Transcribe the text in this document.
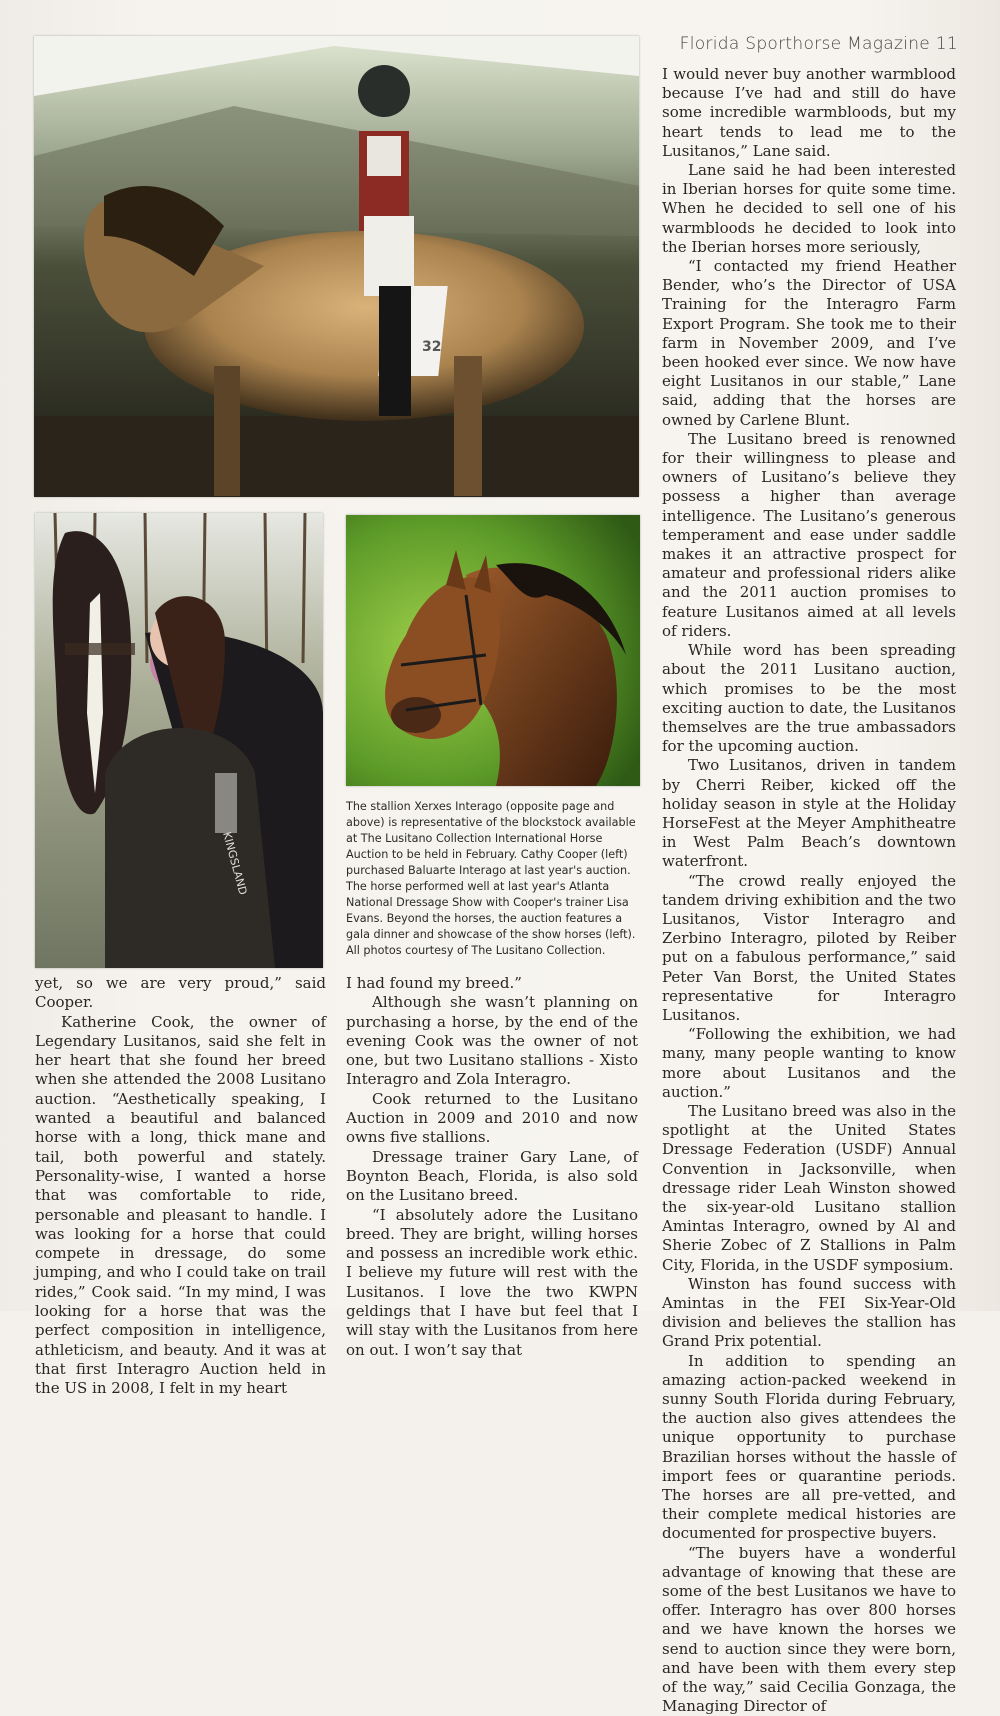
Florida Sporthorse Magazine 11
32
KINGSLAND
The stallion Xerxes Interago (opposite page and above) is representative of the blockstock available at The Lusitano Collection International Horse Auction to be held in February. Cathy Cooper (left) purchased Baluarte Interago at last year's auction. The horse performed well at last year's Atlanta National Dressage Show with Cooper's trainer Lisa Evans. Beyond the horses, the auction features a gala dinner and showcase of the show horses (left). All photos courtesy of The Lusitano Collection.

yet, so we are very proud,” said Cooper.

Katherine Cook, the owner of Legendary Lusitanos, said she felt in her heart that she found her breed when she attended the 2008 Lusitano auction. “Aesthetically speaking, I wanted a beautiful and balanced horse with a long, thick mane and tail, both powerful and stately. Personality-wise, I wanted a horse that was comfortable to ride, personable and pleasant to handle. I was looking for a horse that could compete in dressage, do some jumping, and who I could take on trail rides,” Cook said. “In my mind, I was looking for a horse that was the perfect composition in intelligence, athleticism, and beauty. And it was at that first Interagro Auction held in the US in 2008, I felt in my heart

I had found my breed.”

Although she wasn’t planning on purchasing a horse, by the end of the evening Cook was the owner of not one, but two Lusitano stallions - Xisto Interagro and Zola Interagro.

Cook returned to the Lusitano Auction in 2009 and 2010 and now owns five stallions.

Dressage trainer Gary Lane, of Boynton Beach, Florida, is also sold on the Lusitano breed.

“I absolutely adore the Lusitano breed. They are bright, willing horses and possess an incredible work ethic. I believe my future will rest with the Lusitanos. I love the two KWPN geldings that I have but feel that I will stay with the Lusitanos from here on out. I won’t say that

I would never buy another warmblood because I’ve had and still do have some incredible warmbloods, but my heart tends to lead me to the Lusitanos,” Lane said.

Lane said he had been interested in Iberian horses for quite some time. When he decided to sell one of his warmbloods he decided to look into the Iberian horses more seriously,

“I contacted my friend Heather Bender, who’s the Director of USA Training for the Interagro Farm Export Program. She took me to their farm in November 2009, and I’ve been hooked ever since. We now have eight Lusitanos in our stable,” Lane said, adding that the horses are owned by Carlene Blunt.

The Lusitano breed is renowned for their willingness to please and owners of Lusitano’s believe they possess a higher than average intelligence. The Lusitano’s generous temperament and ease under saddle makes it an attractive prospect for amateur and professional riders alike and the 2011 auction promises to feature Lusitanos aimed at all levels of riders.

While word has been spreading about the 2011 Lusitano auction, which promises to be the most exciting auction to date, the Lusitanos themselves are the true ambassadors for the upcoming auction.

Two Lusitanos, driven in tandem by Cherri Reiber, kicked off the holiday season in style at the Holiday HorseFest at the Meyer Amphitheatre in West Palm Beach’s downtown waterfront.

“The crowd really enjoyed the tandem driving exhibition and the two Lusitanos, Vistor Interagro and Zerbino Interagro, piloted by Reiber put on a fabulous performance,” said Peter Van Borst, the United States representative for Interagro Lusitanos.

“Following the exhibition, we had many, many people wanting to know more about Lusitanos and the auction.”

The Lusitano breed was also in the spotlight at the United States Dressage Federation (USDF) Annual Convention in Jacksonville, when dressage rider Leah Winston showed the six-year-old Lusitano stallion Amintas Interagro, owned by Al and Sherie Zobec of Z Stallions in Palm City, Florida, in the USDF symposium.

Winston has found success with Amintas in the FEI Six-Year-Old division and believes the stallion has Grand Prix potential.

In addition to spending an amazing action-packed weekend in sunny South Florida during February, the auction also gives attendees the unique opportunity to purchase Brazilian horses without the hassle of import fees or quarantine periods. The horses are all pre-vetted, and their complete medical histories are documented for prospective buyers.

“The buyers have a wonderful advantage of knowing that these are some of the best Lusitanos we have to offer. Interagro has over 800 horses and we have known the horses we send to auction since they were born, and have been with them every step of the way,” said Cecilia Gonzaga, the Managing Director of
